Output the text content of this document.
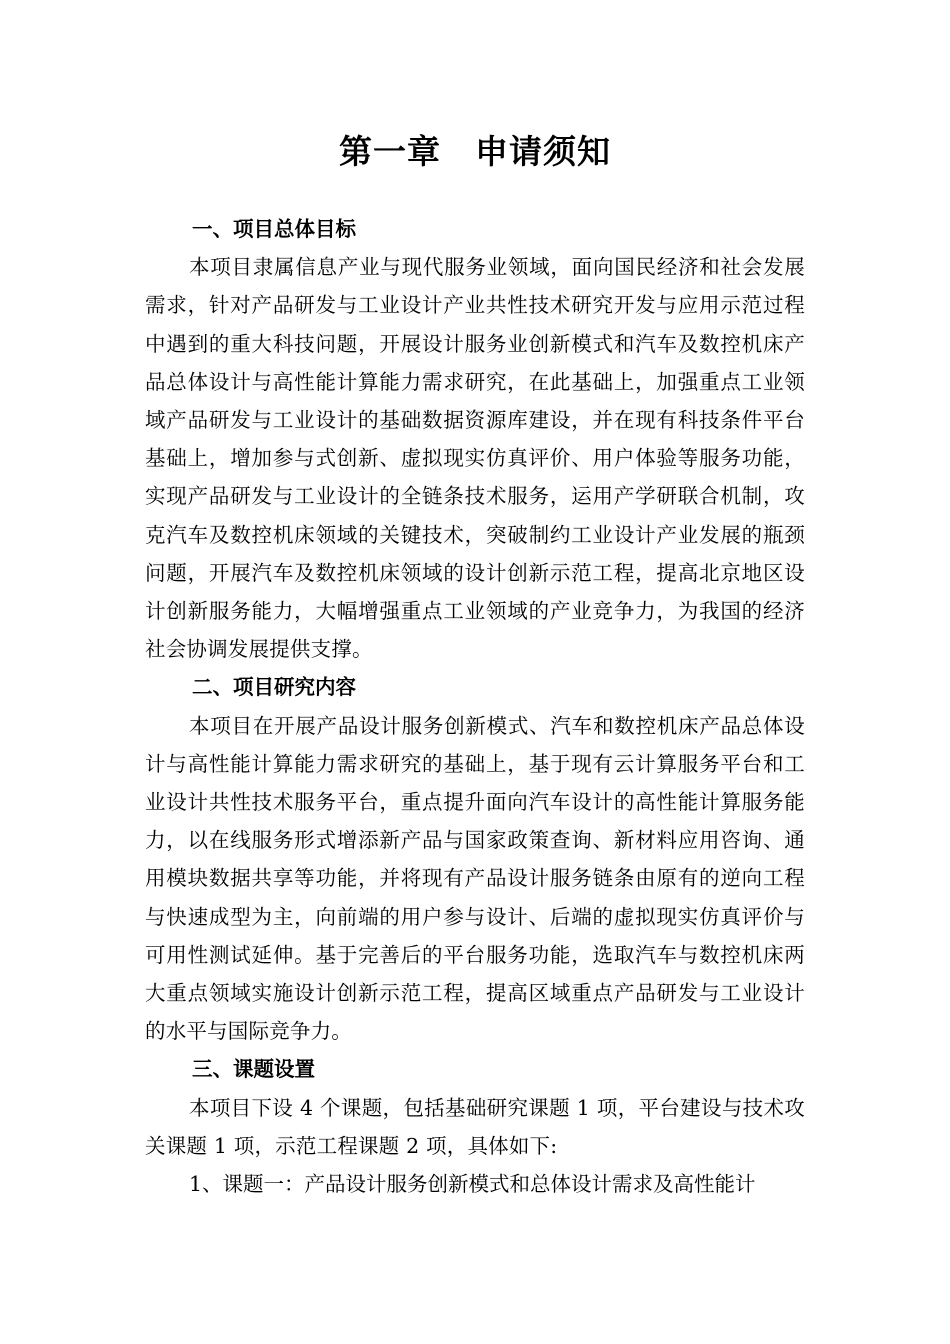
第一章　申请须知

一、项目总体目标

本项目隶属信息产业与现代服务业领域，面向国民经济和社会发展需求，针对产品研发与工业设计产业共性技术研究开发与应用示范过程中遇到的重大科技问题，开展设计服务业创新模式和汽车及数控机床产品总体设计与高性能计算能力需求研究，在此基础上，加强重点工业领域产品研发与工业设计的基础数据资源库建设，并在现有科技条件平台基础上，增加参与式创新、虚拟现实仿真评价、用户体验等服务功能，实现产品研发与工业设计的全链条技术服务，运用产学研联合机制，攻克汽车及数控机床领域的关键技术，突破制约工业设计产业发展的瓶颈问题，开展汽车及数控机床领域的设计创新示范工程，提高北京地区设计创新服务能力，大幅增强重点工业领域的产业竞争力，为我国的经济社会协调发展提供支撑。

二、项目研究内容

本项目在开展产品设计服务创新模式、汽车和数控机床产品总体设计与高性能计算能力需求研究的基础上，基于现有云计算服务平台和工业设计共性技术服务平台，重点提升面向汽车设计的高性能计算服务能力，以在线服务形式增添新产品与国家政策查询、新材料应用咨询、通用模块数据共享等功能，并将现有产品设计服务链条由原有的逆向工程与快速成型为主，向前端的用户参与设计、后端的虚拟现实仿真评价与可用性测试延伸。基于完善后的平台服务功能，选取汽车与数控机床两大重点领域实施设计创新示范工程，提高区域重点产品研发与工业设计的水平与国际竞争力。

三、课题设置

本项目下设 4 个课题，包括基础研究课题 1 项，平台建设与技术攻关课题 1 项，示范工程课题 2 项，具体如下:

1、课题一：产品设计服务创新模式和总体设计需求及高性能计
